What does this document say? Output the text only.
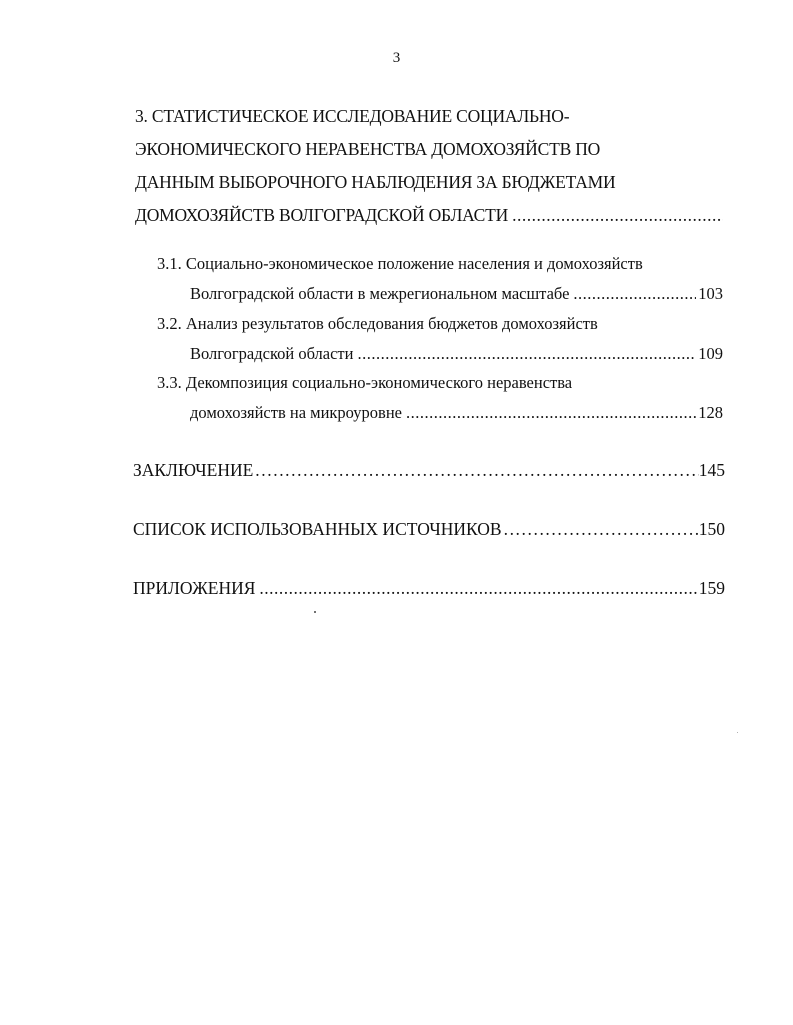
3
3. СТАТИСТИЧЕСКОЕ ИССЛЕДОВАНИЕ СОЦИАЛЬНО-
ЭКОНОМИЧЕСКОГО НЕРАВЕНСТВА ДОМОХОЗЯЙСТВ ПО
ДАННЫМ ВЫБОРОЧНОГО НАБЛЮДЕНИЯ ЗА БЮДЖЕТАМИ
ДОМОХОЗЯЙСТВ ВОЛГОГРАДСКОЙ ОБЛАСТИ
.....
3.1. Социально-экономическое положение населения и домохозяйств
Волгоградской области в межрегиональном масштабе .....	103
3.2. Анализ результатов обследования бюджетов домохозяйств
Волгоградской области .....	109
3.3. Декомпозиция социально-экономического неравенства
домохозяйств на микроуровне .....	128
ЗАКЛЮЧЕНИЕ .....	145
СПИСОК ИСПОЛЬЗОВАННЫХ ИСТОЧНИКОВ .....	150
ПРИЛОЖЕНИЯ .....	159
